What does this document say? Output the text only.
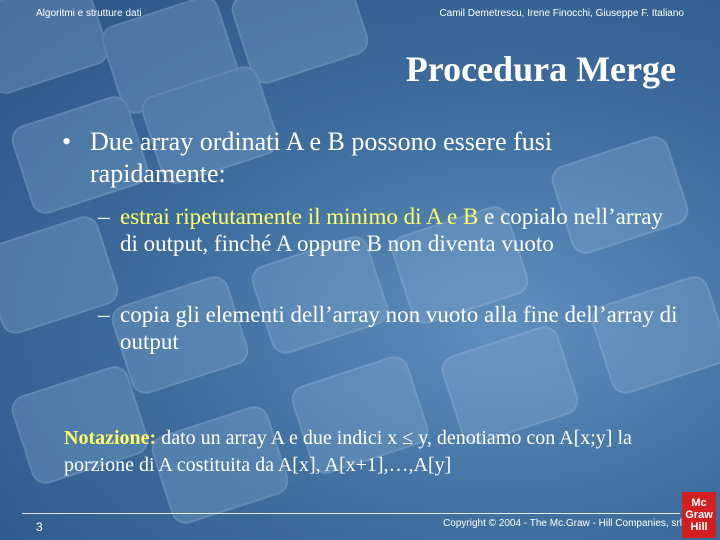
Algoritmi e strutture dati	Camil Demetrescu, Irene Finocchi, Giuseppe F. Italiano
Procedura Merge
• Due array ordinati A e B possono essere fusi rapidamente:
– estrai ripetutamente il minimo di A e B e copialo nell’array di output, finché A oppure B non diventa vuoto
– copia gli elementi dell’array non vuoto alla fine dell’array di output
Notazione: dato un array A e due indici x ≤ y, denotiamo con A[x;y] la porzione di A costituita da A[x], A[x+1],…,A[y]
3	Copyright © 2004 - The Mc.Graw - Hill Companies, srl
Mc
Graw
Hill
